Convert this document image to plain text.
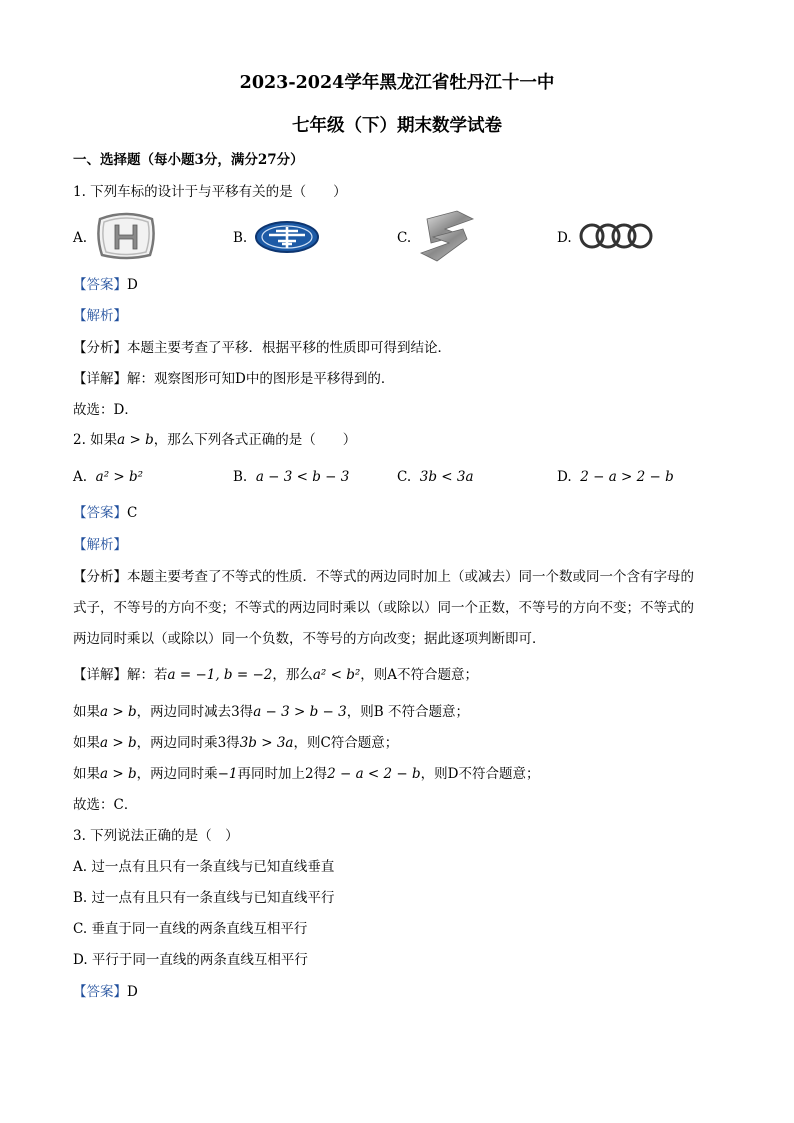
2023-2024学年黑龙江省牡丹江十一中
七年级（下）期末数学试卷
一、选择题（每小题3分，满分27分）
1. 下列车标的设计于与平移有关的是（　　）
A.	B.	C.	D.
【答案】D
【解析】
【分析】本题主要考查了平移．根据平移的性质即可得到结论．
【详解】解：观察图形可知D中的图形是平移得到的．
故选：D．
2. 如果a > b，那么下列各式正确的是（　　）
A. a² > b²	B. a − 3 < b − 3	C. 3b < 3a	D. 2 − a > 2 − b
【答案】C
【解析】
【分析】本题主要考查了不等式的性质．不等式的两边同时加上（或减去）同一个数或同一个含有字母的
式子，不等号的方向不变；不等式的两边同时乘以（或除以）同一个正数，不等号的方向不变；不等式的
两边同时乘以（或除以）同一个负数，不等号的方向改变；据此逐项判断即可．
【详解】解：若a = −1, b = −2，那么a² < b²，则A不符合题意；
如果a > b，两边同时减去3得a − 3 > b − 3，则B 不符合题意；
如果a > b，两边同时乘3得3b > 3a，则C符合题意；
如果a > b，两边同时乘−1再同时加上2得2 − a < 2 − b，则D不符合题意；
故选：C．
3. 下列说法正确的是（　）
A. 过一点有且只有一条直线与已知直线垂直
B. 过一点有且只有一条直线与已知直线平行
C. 垂直于同一直线的两条直线互相平行
D. 平行于同一直线的两条直线互相平行
【答案】D
